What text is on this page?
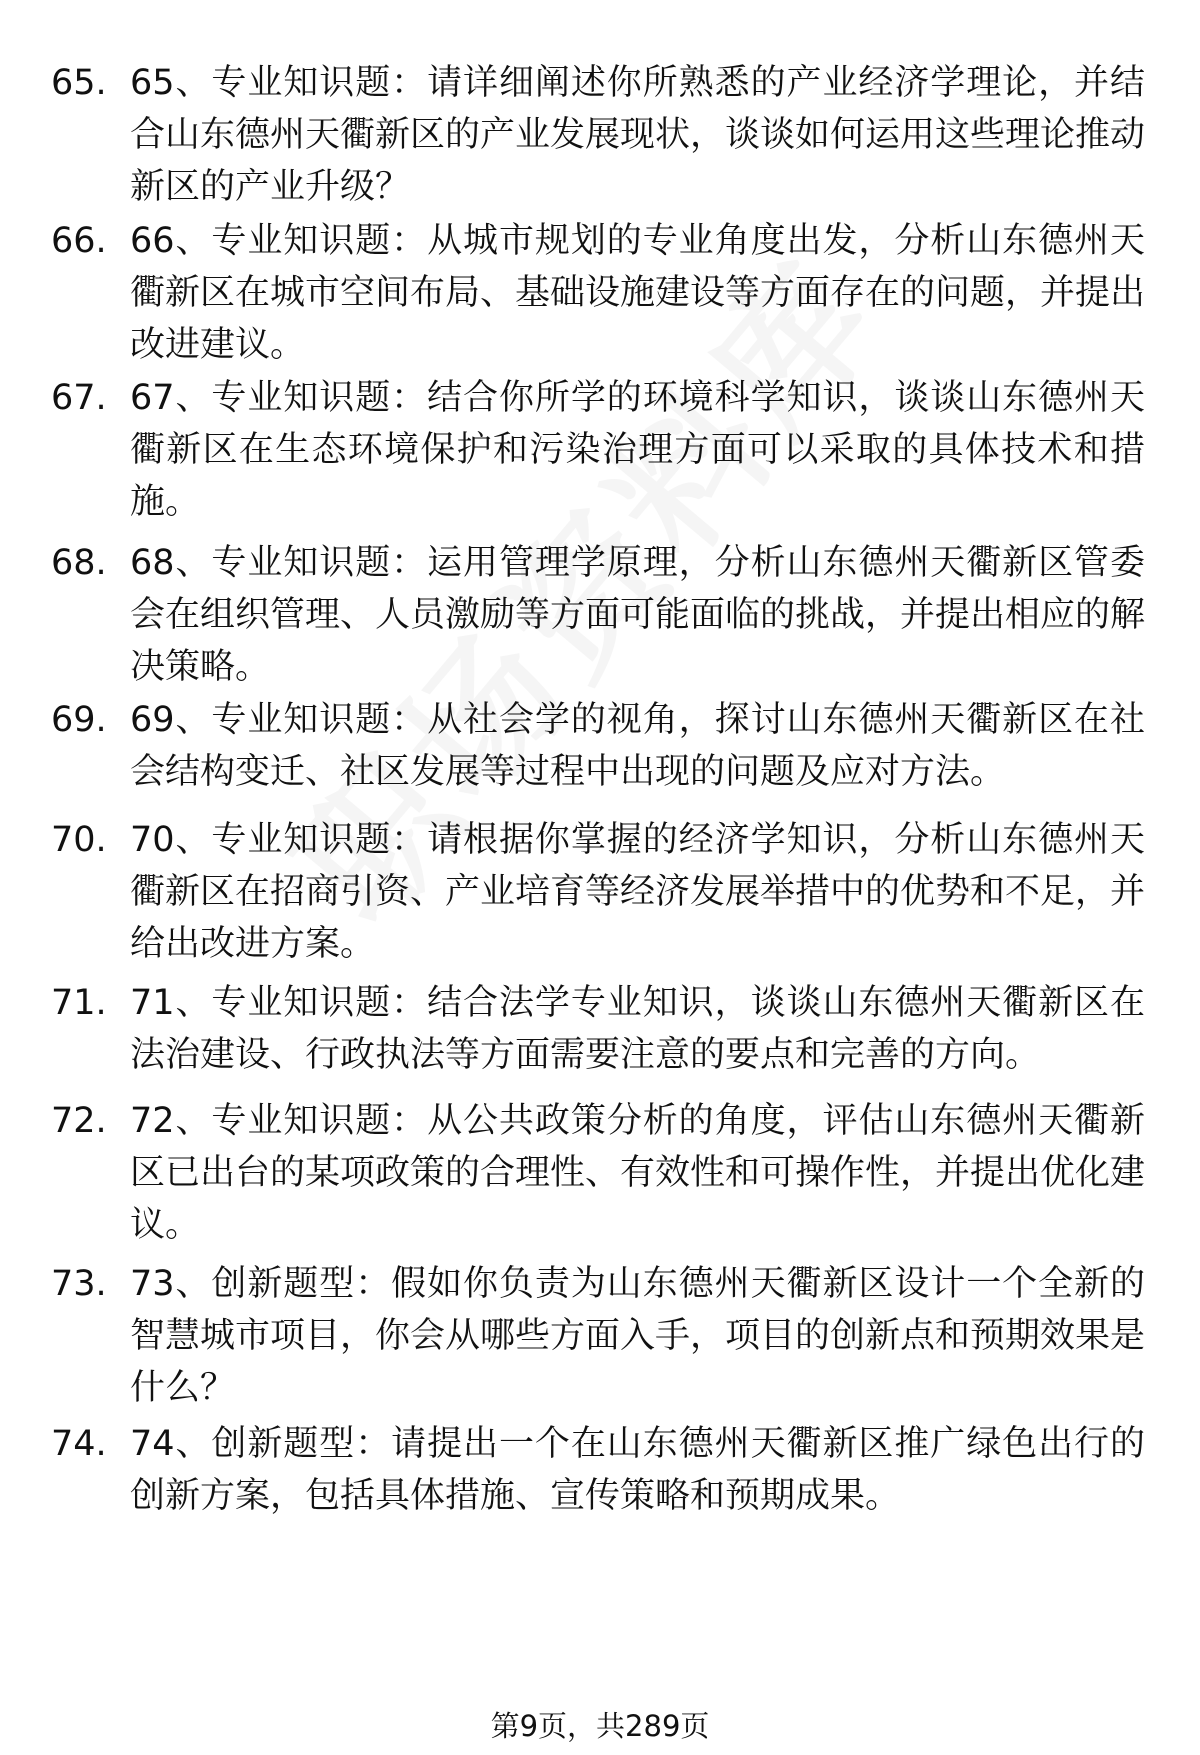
65. 65、专业知识题：请详细阐述你所熟悉的产业经济学理论，并结合山东德州天衢新区的产业发展现状，谈谈如何运用这些理论推动新区的产业升级？
66. 66、专业知识题：从城市规划的专业角度出发，分析山东德州天衢新区在城市空间布局、基础设施建设等方面存在的问题，并提出改进建议。
67. 67、专业知识题：结合你所学的环境科学知识，谈谈山东德州天衢新区在生态环境保护和污染治理方面可以采取的具体技术和措施。
68. 68、专业知识题：运用管理学原理，分析山东德州天衢新区管委会在组织管理、人员激励等方面可能面临的挑战，并提出相应的解决策略。
69. 69、专业知识题：从社会学的视角，探讨山东德州天衢新区在社会结构变迁、社区发展等过程中出现的问题及应对方法。
70. 70、专业知识题：请根据你掌握的经济学知识，分析山东德州天衢新区在招商引资、产业培育等经济发展举措中的优势和不足，并给出改进方案。
71. 71、专业知识题：结合法学专业知识，谈谈山东德州天衢新区在法治建设、行政执法等方面需要注意的要点和完善的方向。
72. 72、专业知识题：从公共政策分析的角度，评估山东德州天衢新区已出台的某项政策的合理性、有效性和可操作性，并提出优化建议。
73. 73、创新题型：假如你负责为山东德州天衢新区设计一个全新的智慧城市项目，你会从哪些方面入手，项目的创新点和预期效果是什么？
74. 74、创新题型：请提出一个在山东德州天衢新区推广绿色出行的创新方案，包括具体措施、宣传策略和预期成果。
第9页，共289页
